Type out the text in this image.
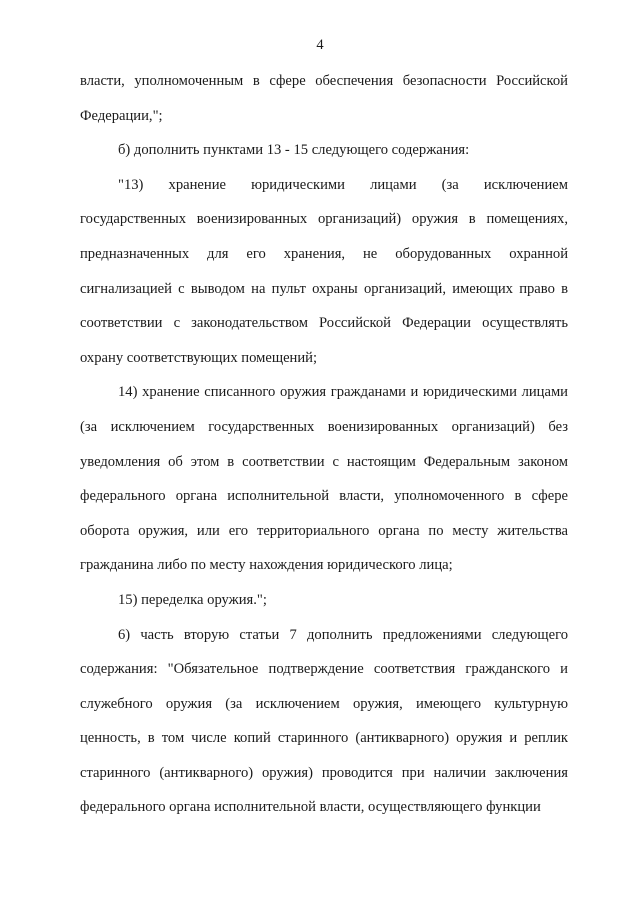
4

власти, уполномоченным в сфере обеспечения безопасности Российской Федерации,";

б) дополнить пунктами 13 - 15 следующего содержания:

"13) хранение юридическими лицами (за исключением государственных военизированных организаций) оружия в помещениях, предназначенных для его хранения, не оборудованных охранной сигнализацией с выводом на пульт охраны организаций, имеющих право в соответствии с законодательством Российской Федерации осуществлять охрану соответствующих помещений;

14) хранение списанного оружия гражданами и юридическими лицами (за исключением государственных военизированных организаций) без уведомления об этом в соответствии с настоящим Федеральным законом федерального органа исполнительной власти, уполномоченного в сфере оборота оружия, или его территориального органа по месту жительства гражданина либо по месту нахождения юридического лица;

15) переделка оружия.";

6) часть вторую статьи 7 дополнить предложениями следующего содержания: "Обязательное подтверждение соответствия гражданского и служебного оружия (за исключением оружия, имеющего культурную ценность, в том числе копий старинного (антикварного) оружия и реплик старинного (антикварного) оружия) проводится при наличии заключения федерального органа исполнительной власти, осуществляющего функции
